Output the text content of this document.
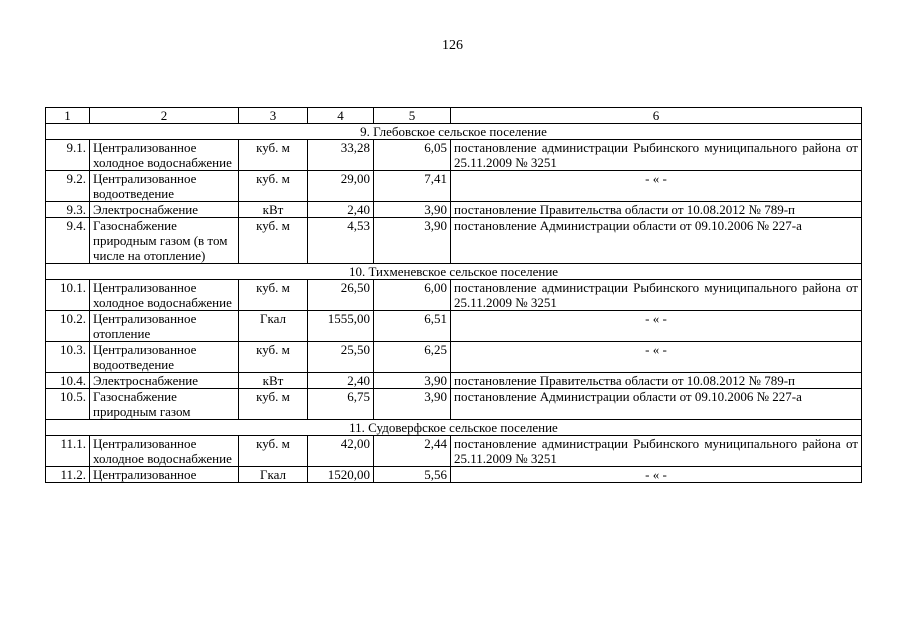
126
1	2	3	4	5	6
9. Глебовское сельское поселение					
9.1.	Централизованное холодное водоснабжение	куб. м	33,28	6,05	постановление администрации Рыбинского муниципального района от 25.11.2009 № 3251
9.2.	Централизованное водоотведение	куб. м	29,00	7,41	- « -
9.3.	Электроснабжение	кВт	2,40	3,90	постановление Правительства области от 10.08.2012 № 789-п
9.4.	Газоснабжение природным газом (в том числе на отопление)	куб. м	4,53	3,90	постановление Администрации области от 09.10.2006 № 227-а
10. Тихменевское сельское поселение					
10.1.	Централизованное холодное водоснабжение	куб. м	26,50	6,00	постановление администрации Рыбинского муниципального района от 25.11.2009 № 3251
10.2.	Централизованное отопление	Гкал	1555,00	6,51	- « -
10.3.	Централизованное водоотведение	куб. м	25,50	6,25	- « -
10.4.	Электроснабжение	кВт	2,40	3,90	постановление Правительства области от 10.08.2012 № 789-п
10.5.	Газоснабжение природным газом	куб. м	6,75	3,90	постановление Администрации области от 09.10.2006 № 227-а
11. Судоверфское сельское поселение					
11.1.	Централизованное холодное водоснабжение	куб. м	42,00	2,44	постановление администрации Рыбинского муниципального района от 25.11.2009 № 3251
11.2.	Централизованное	Гкал	1520,00	5,56	- « -
